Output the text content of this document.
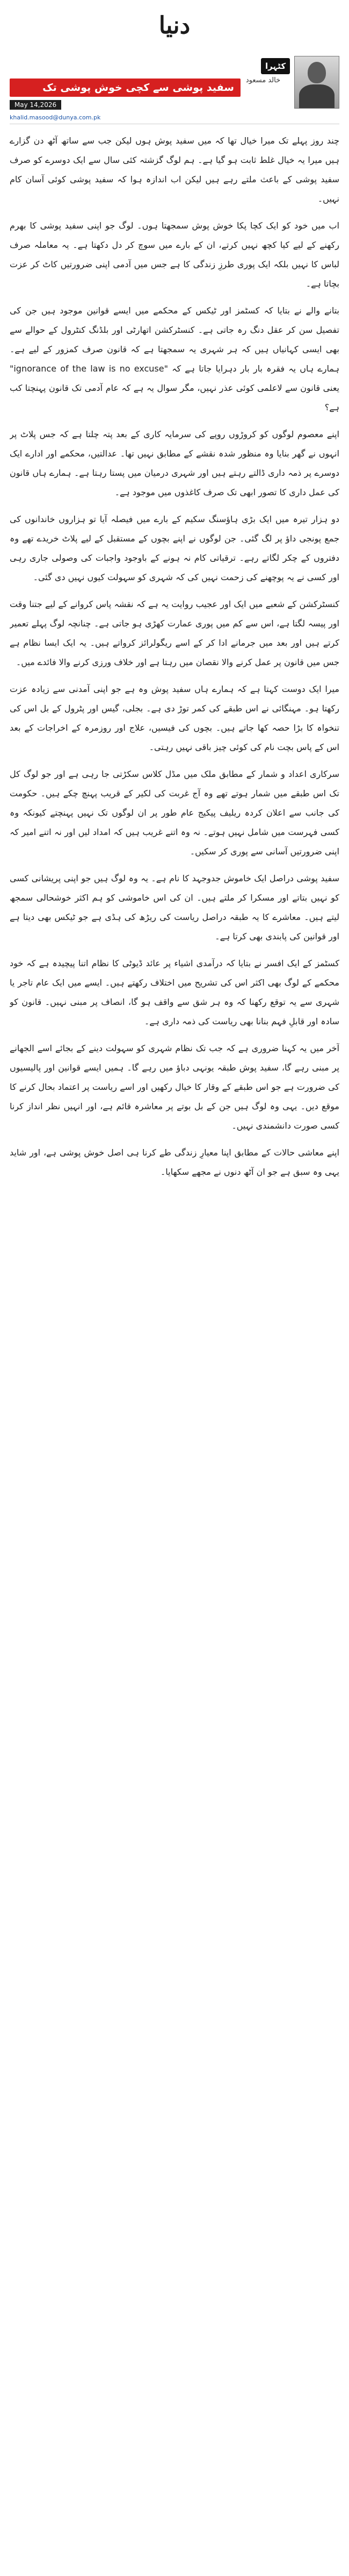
دنیا
کٹہرا
خالد مسعود
سفید پوشی سے کچی خوش پوشی تک
May 14,2026
khalid.masood@dunya.com.pk

چند روز پہلے تک میرا خیال تھا کہ میں سفید پوش ہوں لیکن جب سے ساتھ آٹھ دن گزارے ہیں میرا یہ خیال غلط ثابت ہو گیا ہے۔ ہم لوگ گزشتہ کئی سال سے ایک دوسرے کو صرف سفید پوشی کے باعث ملتے رہے ہیں لیکن اب اندازہ ہوا کہ سفید پوشی کوئی آسان کام نہیں۔

اب میں خود کو ایک کچا پکا خوش پوش سمجھتا ہوں۔ لوگ جو اپنی سفید پوشی کا بھرم رکھنے کے لیے کیا کچھ نہیں کرتے، ان کے بارے میں سوچ کر دل دکھتا ہے۔ یہ معاملہ صرف لباس کا نہیں بلکہ ایک پوری طرزِ زندگی کا ہے جس میں آدمی اپنی ضرورتیں کاٹ کر عزت بچاتا ہے۔

بتانے والے نے بتایا کہ کسٹمز اور ٹیکس کے محکمے میں ایسے قوانین موجود ہیں جن کی تفصیل سن کر عقل دنگ رہ جاتی ہے۔ کنسٹرکشن اتھارٹی اور بلڈنگ کنٹرول کے حوالے سے بھی ایسی کہانیاں ہیں کہ ہر شہری یہ سمجھتا ہے کہ قانون صرف کمزور کے لیے ہے۔ ہمارے ہاں یہ فقرہ بار بار دہرایا جاتا ہے کہ "ignorance of the law is no excuse" یعنی قانون سے لاعلمی کوئی عذر نہیں، مگر سوال یہ ہے کہ عام آدمی تک قانون پہنچتا کب ہے؟

اپنے معصوم لوگوں کو کروڑوں روپے کی سرمایہ کاری کے بعد پتہ چلتا ہے کہ جس پلاٹ پر انہوں نے گھر بنایا وہ منظور شدہ نقشے کے مطابق نہیں تھا۔ عدالتیں، محکمے اور ادارے ایک دوسرے پر ذمہ داری ڈالتے رہتے ہیں اور شہری درمیان میں پستا رہتا ہے۔ ہمارے ہاں قانون کی عمل داری کا تصور ابھی تک صرف کاغذوں میں موجود ہے۔

دو ہزار تیرہ میں ایک بڑی ہاؤسنگ سکیم کے بارے میں فیصلہ آیا تو ہزاروں خاندانوں کی جمع پونجی داؤ پر لگ گئی۔ جن لوگوں نے اپنے بچوں کے مستقبل کے لیے پلاٹ خریدے تھے وہ دفتروں کے چکر لگاتے رہے۔ ترقیاتی کام نہ ہونے کے باوجود واجبات کی وصولی جاری رہی اور کسی نے یہ پوچھنے کی زحمت نہیں کی کہ شہری کو سہولت کیوں نہیں دی گئی۔

کنسٹرکشن کے شعبے میں ایک اور عجیب روایت یہ ہے کہ نقشہ پاس کروانے کے لیے جتنا وقت اور پیسہ لگتا ہے، اس سے کم میں پوری عمارت کھڑی ہو جاتی ہے۔ چنانچہ لوگ پہلے تعمیر کرتے ہیں اور بعد میں جرمانے ادا کر کے اسے ریگولرائز کرواتے ہیں۔ یہ ایک ایسا نظام ہے جس میں قانون پر عمل کرنے والا نقصان میں رہتا ہے اور خلاف ورزی کرنے والا فائدے میں۔

میرا ایک دوست کہتا ہے کہ ہمارے ہاں سفید پوش وہ ہے جو اپنی آمدنی سے زیادہ عزت رکھتا ہو۔ مہنگائی نے اس طبقے کی کمر توڑ دی ہے۔ بجلی، گیس اور پٹرول کے بل اس کی تنخواہ کا بڑا حصہ کھا جاتے ہیں۔ بچوں کی فیسیں، علاج اور روزمرہ کے اخراجات کے بعد اس کے پاس بچت نام کی کوئی چیز باقی نہیں رہتی۔

سرکاری اعداد و شمار کے مطابق ملک میں مڈل کلاس سکڑتی جا رہی ہے اور جو لوگ کل تک اس طبقے میں شمار ہوتے تھے وہ آج غربت کی لکیر کے قریب پہنچ چکے ہیں۔ حکومت کی جانب سے اعلان کردہ ریلیف پیکیج عام طور پر ان لوگوں تک نہیں پہنچتے کیونکہ وہ کسی فہرست میں شامل نہیں ہوتے۔ نہ وہ اتنے غریب ہیں کہ امداد لیں اور نہ اتنے امیر کہ اپنی ضرورتیں آسانی سے پوری کر سکیں۔

سفید پوشی دراصل ایک خاموش جدوجہد کا نام ہے۔ یہ وہ لوگ ہیں جو اپنی پریشانی کسی کو نہیں بتاتے اور مسکرا کر ملتے ہیں۔ ان کی اس خاموشی کو ہم اکثر خوشحالی سمجھ لیتے ہیں۔ معاشرے کا یہ طبقہ دراصل ریاست کی ریڑھ کی ہڈی ہے جو ٹیکس بھی دیتا ہے اور قوانین کی پابندی بھی کرتا ہے۔

کسٹمز کے ایک افسر نے بتایا کہ درآمدی اشیاء پر عائد ڈیوٹی کا نظام اتنا پیچیدہ ہے کہ خود محکمے کے لوگ بھی اکثر اس کی تشریح میں اختلاف رکھتے ہیں۔ ایسے میں ایک عام تاجر یا شہری سے یہ توقع رکھنا کہ وہ ہر شق سے واقف ہو گا، انصاف پر مبنی نہیں۔ قانون کو سادہ اور قابلِ فہم بنانا بھی ریاست کی ذمہ داری ہے۔

آخر میں یہ کہنا ضروری ہے کہ جب تک نظام شہری کو سہولت دینے کے بجائے اسے الجھانے پر مبنی رہے گا، سفید پوش طبقہ یونہی دباؤ میں رہے گا۔ ہمیں ایسے قوانین اور پالیسیوں کی ضرورت ہے جو اس طبقے کے وقار کا خیال رکھیں اور اسے ریاست پر اعتماد بحال کرنے کا موقع دیں۔ یہی وہ لوگ ہیں جن کے بل بوتے پر معاشرہ قائم ہے، اور انہیں نظر انداز کرنا کسی صورت دانشمندی نہیں۔

اپنے معاشی حالات کے مطابق اپنا معیارِ زندگی طے کرنا ہی اصل خوش پوشی ہے، اور شاید یہی وہ سبق ہے جو ان آٹھ دنوں نے مجھے سکھایا۔
